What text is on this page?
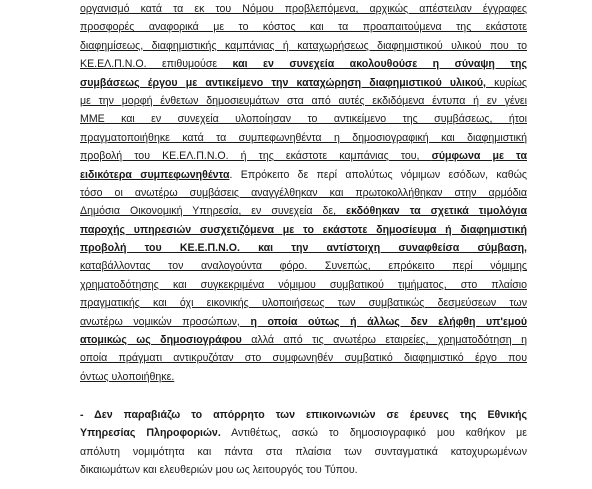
οργανισμό κατά τα εκ του Νόμου προβλεπόμενα, αρχικώς απέστειλαν έγγραφες
προσφορές αναφορικά με το κόστος και τα προαπαιτούμενα της εκάστοτε
διαφημίσεως, διαφημιστικής καμπάνιας ή καταχωρήσεως διαφημιστικού υλικού που το
ΚΕ.ΕΛ.Π.Ν.Ο. επιθυμούσε και εν συνεχεία ακολουθούσε η σύναψη της
συμβάσεως έργου με αντικείμενο την καταχώρηση διαφημιστικού υλικού, κυρίως
με την μορφή ένθετων δημοσιευμάτων στα από αυτές εκδιδόμενα έντυπα ή εν γένει
ΜΜΕ και εν συνεχεία υλοποίησαν το αντικείμενο της συμβάσεως, ήτοι
πραγματοποιήθηκε κατά τα συμπεφωνηθέντα η δημοσιογραφική και διαφημιστική
προβολή του ΚΕ.ΕΛ.Π.Ν.Ο. ή της εκάστοτε καμπάνιας του, σύμφωνα με τα
ειδικότερα συμπεφωνηθέντα. Επρόκειτο δε περί απολύτως νόμιμων εσόδων, καθώς
τόσο οι ανωτέρω συμβάσεις αναγγέλθηκαν και πρωτοκολλήθηκαν στην αρμόδια
Δημόσια Οικονομική Υπηρεσία, εν συνεχεία δε, εκδόθηκαν τα σχετικά τιμολόγια
παροχής υπηρεσιών συσχετιζόμενα με το εκάστοτε δημοσίευμα ή διαφημιστική
προβολή του ΚΕ.Ε.Π.Ν.Ο. και την αντίστοιχη συναφθείσα σύμβαση,
καταβάλλοντας τον αναλογούντα φόρο. Συνεπώς, επρόκειτο περί νόμιμης
χρηματοδότησης και συγκεκριμένα νόμιμου συμβατικού τιμήματος, στο πλαίσιο
πραγματικής και όχι εικονικής υλοποιήσεως των συμβατικώς δεσμεύσεων των
ανωτέρω νομικών προσώπων, η οποία ούτως ή άλλως δεν ελήφθη υπ'εμού
ατομικώς ως δημοσιογράφου αλλά από τις ανωτέρω εταιρείες, χρηματοδότηση η
οποία πράγματι αντικρυζόταν στο συμφωνηθέν συμβατικό διαφημιστικό έργο που
όντως υλοποιήθηκε.
- Δεν παραβιάζω το απόρρητο των επικοινωνιών σε έρευνες της Εθνικής
Υπηρεσίας Πληροφοριών. Αντιθέτως, ασκώ το δημοσιογραφικό μου καθήκον με
απόλυτη νομιμότητα και πάντα στα πλαίσια των συνταγματικά κατοχυρωμένων
δικαιωμάτων και ελευθεριών μου ως λειτουργός του Τύπου.
